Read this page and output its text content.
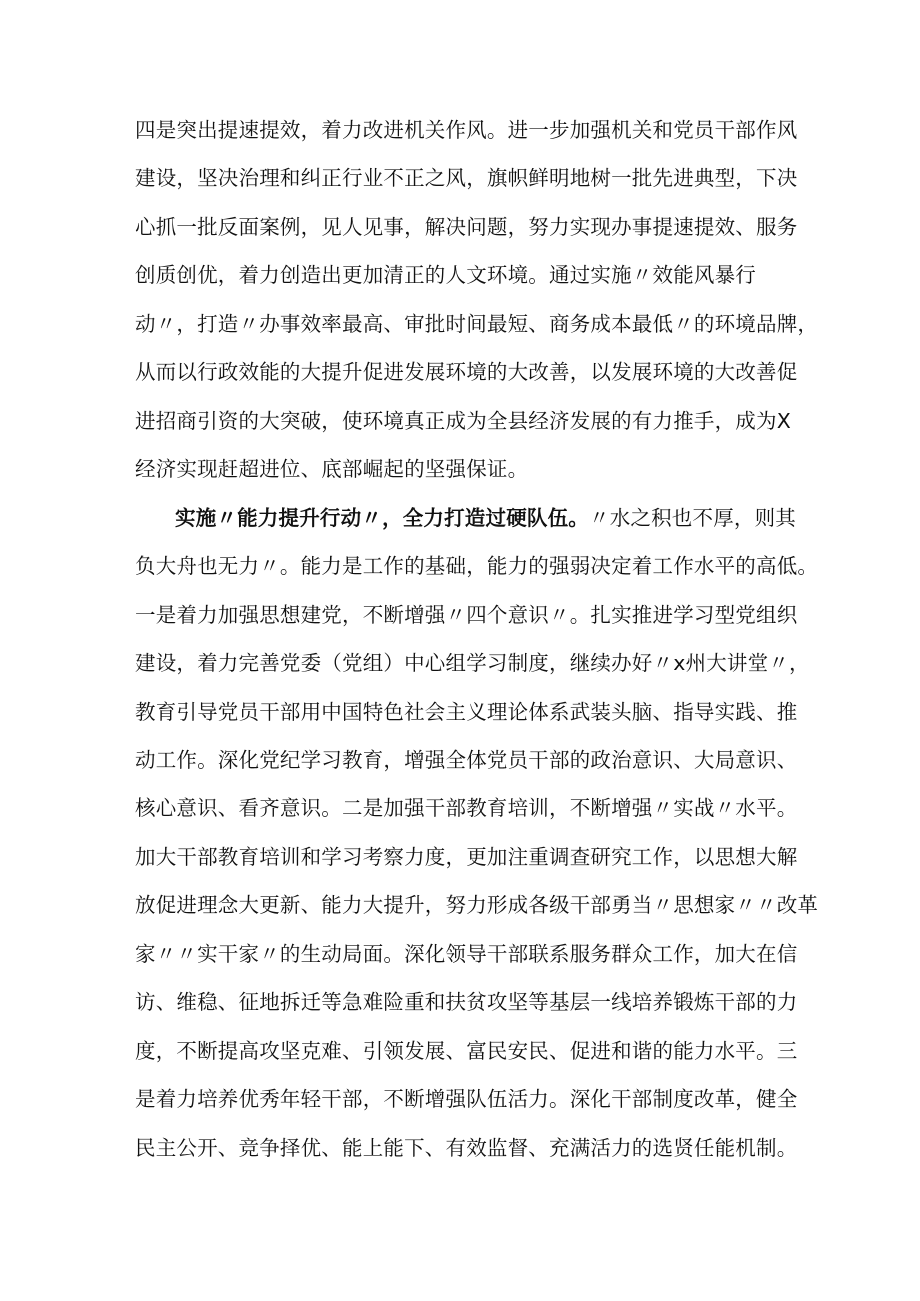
四是突出提速提效，着力改进机关作风。进一步加强机关和党员干部作风
建设，坚决治理和纠正行业不正之风，旗帜鲜明地树一批先进典型，下决
心抓一批反面案例，见人见事，解决问题，努力实现办事提速提效、服务
创质创优，着力创造出更加清正的人文环境。通过实施〃效能风暴行
动〃，打造〃办事效率最高、审批时间最短、商务成本最低〃的环境品牌，
从而以行政效能的大提升促进发展环境的大改善，以发展环境的大改善促
进招商引资的大突破，使环境真正成为全县经济发展的有力推手，成为X
经济实现赶超进位、底部崛起的坚强保证。
实施〃能力提升行动〃，全力打造过硬队伍。〃水之积也不厚，则其
负大舟也无力〃。能力是工作的基础，能力的强弱决定着工作水平的高低。
一是着力加强思想建党，不断增强〃四个意识〃。扎实推进学习型党组织
建设，着力完善党委（党组）中心组学习制度，继续办好〃x州大讲堂〃，
教育引导党员干部用中国特色社会主义理论体系武装头脑、指导实践、推
动工作。深化党纪学习教育，增强全体党员干部的政治意识、大局意识、
核心意识、看齐意识。二是加强干部教育培训，不断增强〃实战〃水平。
加大干部教育培训和学习考察力度，更加注重调查研究工作，以思想大解
放促进理念大更新、能力大提升，努力形成各级干部勇当〃思想家〃〃改革
家〃〃实干家〃的生动局面。深化领导干部联系服务群众工作，加大在信
访、维稳、征地拆迁等急难险重和扶贫攻坚等基层一线培养锻炼干部的力
度，不断提高攻坚克难、引领发展、富民安民、促进和谐的能力水平。三
是着力培养优秀年轻干部，不断增强队伍活力。深化干部制度改革，健全
民主公开、竞争择优、能上能下、有效监督、充满活力的选贤任能机制。
